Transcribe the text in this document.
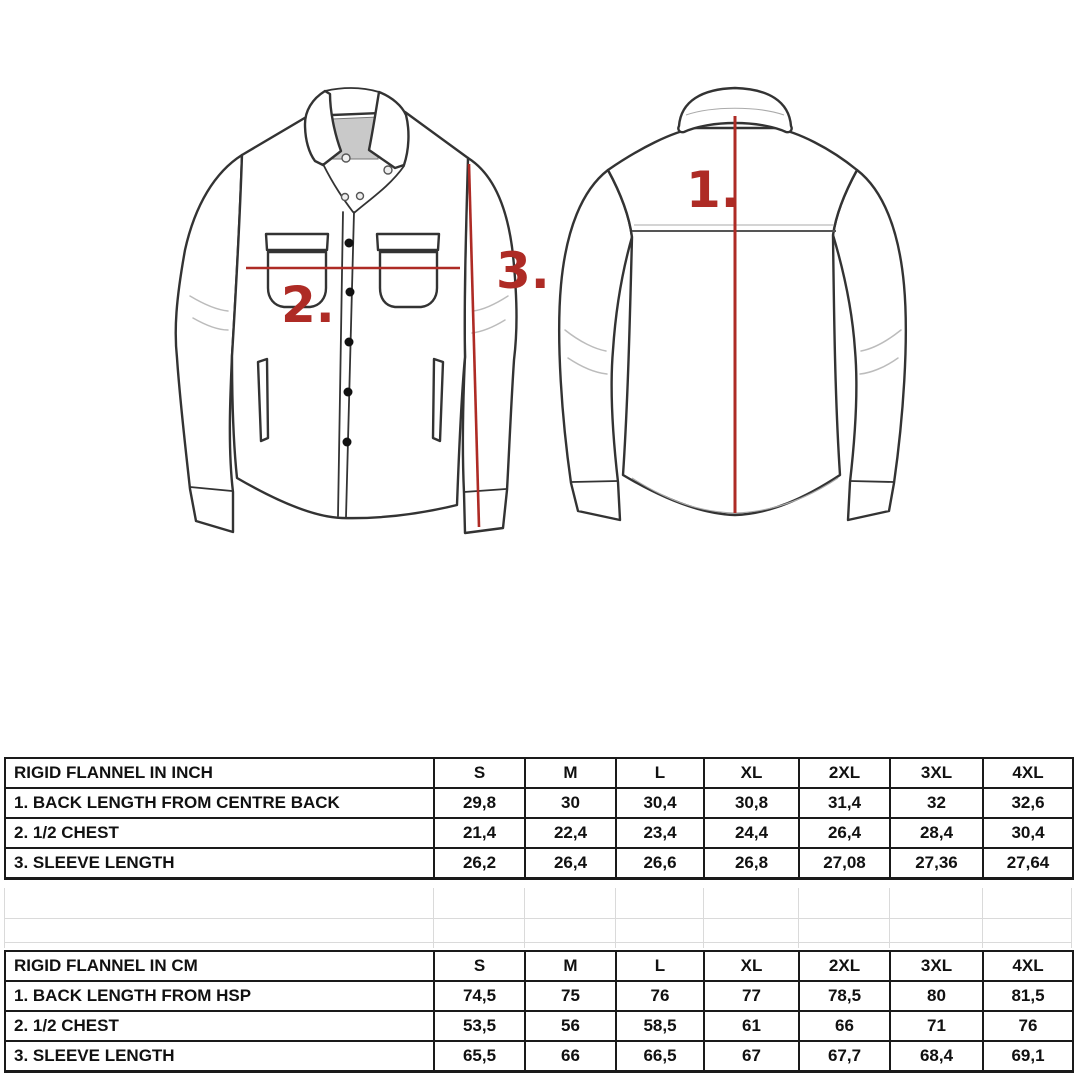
2.
3.
1.
RIGID FLANNEL IN INCH	S	M	L	XL	2XL	3XL	4XL
1. BACK LENGTH FROM CENTRE BACK	29,8	30	30,4	30,8	31,4	32	32,6
2. 1/2 CHEST	21,4	22,4	23,4	24,4	26,4	28,4	30,4
3. SLEEVE LENGTH	26,2	26,4	26,6	26,8	27,08	27,36	27,64
RIGID FLANNEL IN CM	S	M	L	XL	2XL	3XL	4XL
1. BACK LENGTH FROM HSP	74,5	75	76	77	78,5	80	81,5
2. 1/2 CHEST	53,5	56	58,5	61	66	71	76
3. SLEEVE LENGTH	65,5	66	66,5	67	67,7	68,4	69,1
